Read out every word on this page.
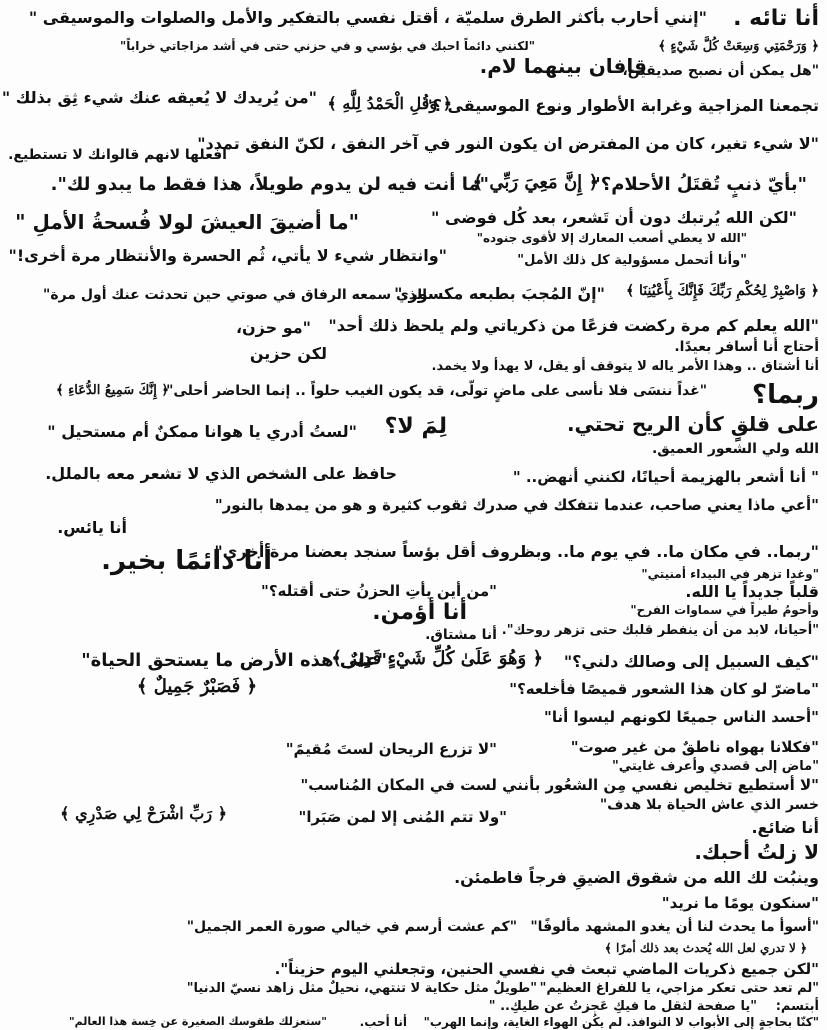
أنا تائه .
"إنني أحارب بأكثر الطرق سلميّة ، أقتل نفسي بالتفكير والأمل والصلوات والموسيقى "
﴿ وَرَحْمَتِي وَسِعَتْ كُلَّ شَيْءٍ ﴾
"لكنني دائماً احبك في بؤسي و في حزني حتى في أشد مزاجاتي خراباً"
قافان بينهما لام.
"هل يمكن أن نصبح صديقين،
تجمعنا المزاجية وغرابة الأطوار ونوع الموسيقى ؟"
﴿ وَقُلِ الْحَمْدُ لِلَّهِ ﴾
"من يُريدك لا يُعيقه عنك شيء ثِق بذلك "
"لا شيء تغير، كان من المفترض ان يكون النور في آخر النفق ، لكنّ النفق تمدد"
افعلها لانهم قالوانك لا تستطيع.
"بأيّ ذنبٍ تُقتَلُ الأحلام؟"
﴿ إِنَّ مَعِيَ رَبِّي ﴾
"ما أنت فيه لن يدوم طويلاً، هذا فقط ما يبدو لك".
"ما أضيقَ العيشَ لولا فُسحةُ الأملِ "	"لكن الله يُرتبك دون أن تَشعر، بعد كُل فوضى "
"الله لا يعطي أصعب المعارك إلا لأقوى جنوده"
"وانتظار شيء لا يأتي، ثُم الحسرة والأنتظار مرة أخرى!"	"وأنا أتحمل مسؤولية كل ذلك الأمل"
﴿ وَاصْبِرْ لِحُكْمِ رَبِّكَ فَإِنَّكَ بِأَعْيُنِنَا ﴾
"إنّ المُجبَ بطبعه مكسور."
الذي سمعه الرفاق في صوتي حين تحدثت عنك أول مرة"
"الله يعلم كم مرة ركضت فزعًا من ذكرياتي ولم يلحظ ذلك أحد"
"مو حزن،
أحتاج أنا أسافر بعيدًا.
لكن حزين
أنا أشتاق .. وهذا الأمر ياله لا يتوقف أو يقل، لا يهدأ ولا يخمد.
ربما؟
"غداً ننسَى فلا نأسى على ماضٍ تولّى، قد يكون الغيب حلواً .. إنما الحاضر أحلى"
﴿ إِنَّكَ سَمِيعُ الدُّعَاءِ ﴾
على قلقٍ كأن الريح تحتي.
لِمَ لا؟
"لستُ أدري يا هوانا ممكنٌ أم مستحيل "
الله ولي الشعور العميق.
" أنا أشعر بالهزيمة أحيانًا، لكنني أنهض.. "
حافظ على الشخص الذي لا تشعر معه بالملل.
"أعي ماذا يعني صاحب، عندما تتفكك في صدرك ثقوب كثيرة و هو من يمدها بالنور"
أنا يائس.
"ربما.. في مكان ما.. في يوم ما.. وبظروف أقل بؤساً سنجد بعضنا مرة أخرى"
أنا دائمًا بخير.	"وغدا تزهر في البيداء أمنيتي"
قلباً جديداً يا الله.
"من أين يأتِ الحزنُ حتى أقتله؟"
وأحومُ طيراً في سماوات الفرح"
أنا أؤمن.
"أحيانا، لابد من أن ينفطر قلبك حتى تزهر روحك".
أنا مشتاق.
"كيف السبيل إلى وصالك دلني؟"
﴿ وَهُوَ عَلَىٰ كُلِّ شَيْءٍ قَدِيرٌ ﴾
"على هذه الأرض ما يستحق الحياة"
"ماضرّ لو كان هذا الشعور قميصًا فأخلعه؟"
﴿ فَصَبْرٌ جَمِيلٌ ﴾
"أحسد الناس جميعًا لكونهم ليسوا أنا"
"فكلانا بهواه ناطقٌ من غير صوت"
"لا تزرع الريحان لستَ مُقيمً"
"ماض إلى قصدي وأعرف غايتي"
"لا أستطيع تخليص نفسي مِن الشعُور بأنني لست في المكان المُناسب"
خسر الذي عاش الحياة بلا هدف"
أنا ضائع.
"ولا تتم المُنى إلا لمن صَبَرا"
﴿ رَبِّ اشْرَحْ لِي صَدْرِي ﴾
لا زلتُ أحبك.
وينبُت لك الله من شقوق الضيقِ فرجاً فاطمئن.
"سنكون يومًا ما نريد"
"أسوأ ما يحدث لنا أن يغدو المشهد مألوفًا"
"كم عشت أرسم في خيالي صورة العمر الجميل"
﴿ لا تدري لعل الله يُحدث بعد ذلك أمرًا ﴾
"لكن جميع ذكريات الماضي تبعث في نفسي الحنين، وتجعلني اليوم حزيناً".
"لم تعد حتى تعكر مزاجي، يا للفراغ العظيم"
"طويلٌ مثل حكاية لا تنتهي، نحيلٌ مثل زاهد نسيّ الدنيا"
أبتسم:
"يا صفحة لثقل ما فيكِ عَجزتُ عن طيكِ.. "
"كنّا بحاجةٍ إلى الأبواب لا النوافذ. لم يكُن الهواء الغاية، وإنما الهرب"
أنا أحب.
"ستعزلك طقوسك الصغيرة عن خِسة هذا العالم"
